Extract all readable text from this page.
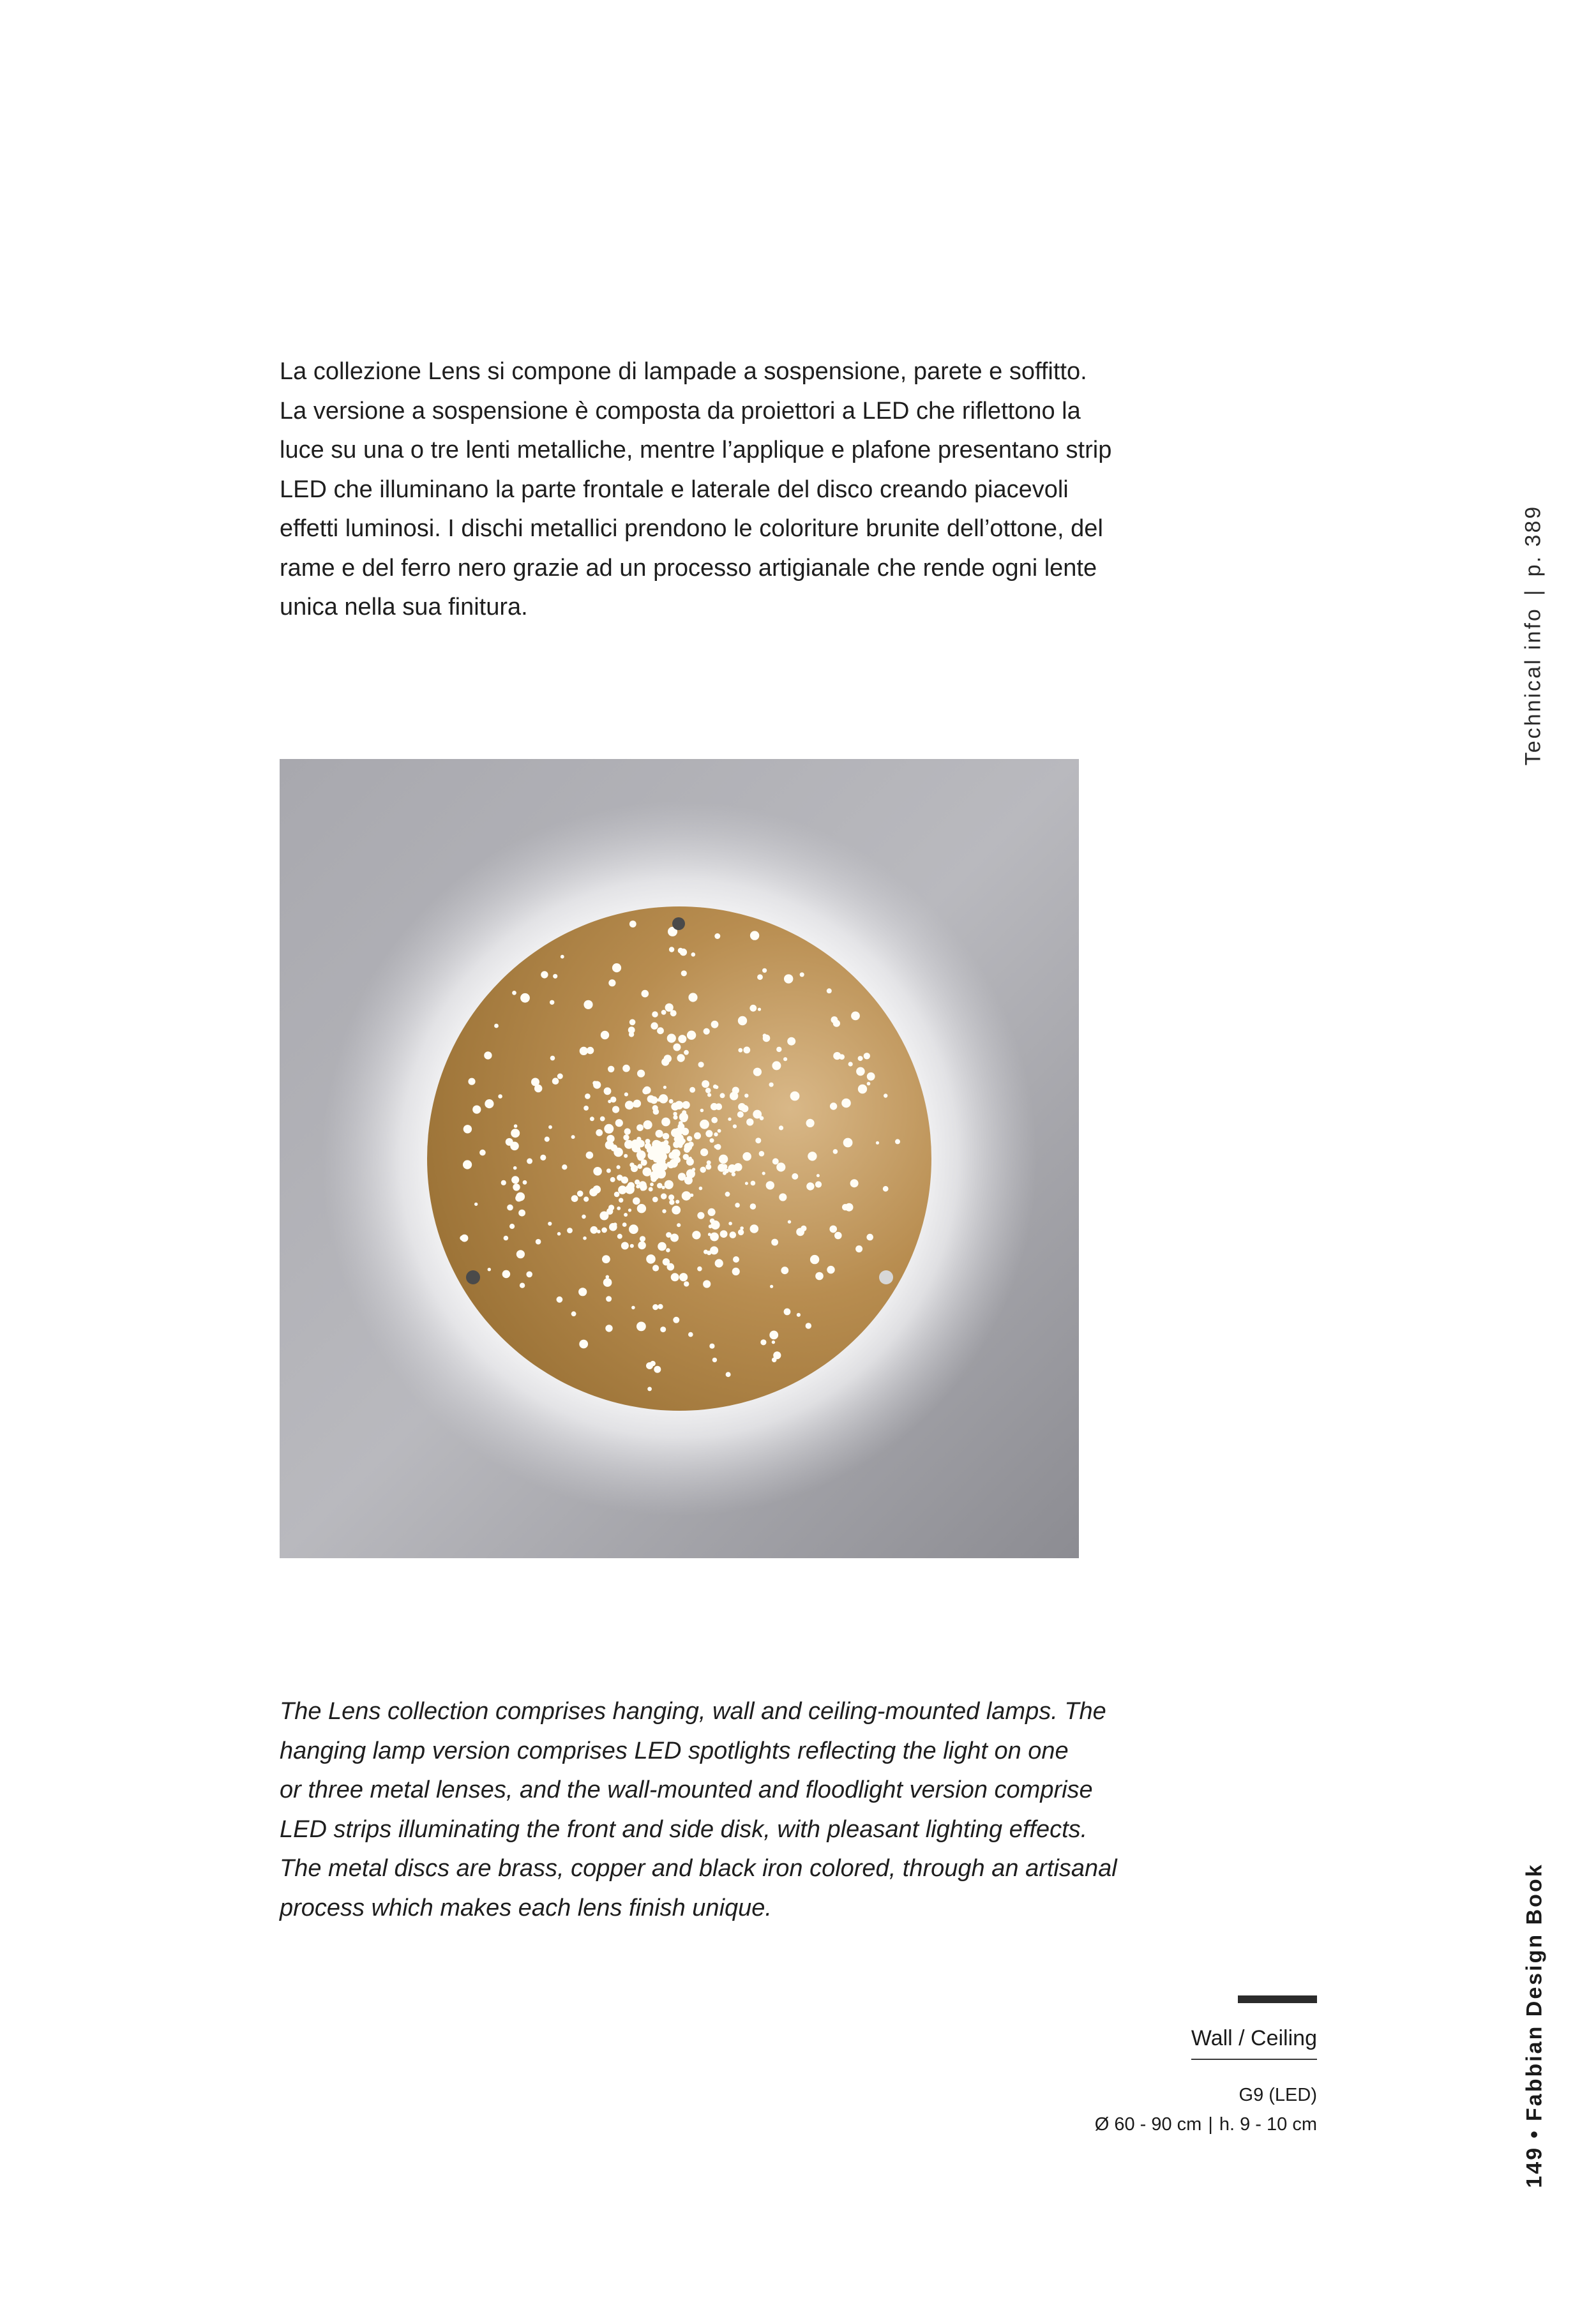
La collezione Lens si compone di lampade a sospensione, parete e soffitto.
La versione a sospensione è composta da proiettori a LED che riflettono la
luce su una o tre lenti metalliche, mentre l’applique e plafone presentano strip
LED che illuminano la parte frontale e laterale del disco creando piacevoli
effetti luminosi. I dischi metallici prendono le coloriture brunite dell’ottone, del
rame e del ferro nero grazie ad un processo artigianale che rende ogni lente
unica nella sua finitura.

Technical info|p. 389

The Lens collection comprises hanging, wall and ceiling-mounted lamps. The
hanging lamp version comprises LED spotlights reflecting the light on one
or three metal lenses, and the wall-mounted and floodlight version comprise
LED strips illuminating the front and side disk, with pleasant lighting effects.
The metal discs are brass, copper and black iron colored, through an artisanal
process which makes each lens finish unique.

Wall / Ceiling
G9 (LED)
Ø 60 - 90 cm | h. 9 - 10 cm
149•Fabbian Design Book
